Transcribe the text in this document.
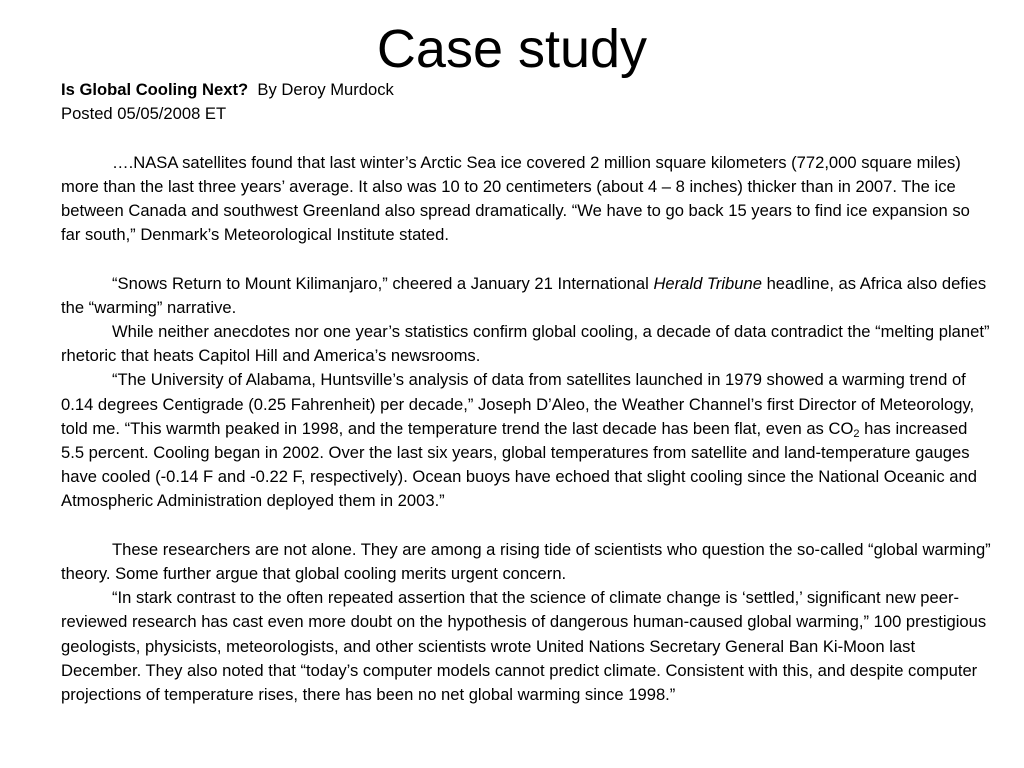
Case study

Is Global Cooling Next?  By Deroy Murdock

Posted 05/05/2008 ET

….NASA satellites found that last winter’s Arctic Sea ice covered 2 million square kilometers (772,000 square miles) more than the last three years’ average. It also was 10 to 20 centimeters (about 4 – 8 inches) thicker than in 2007. The ice between Canada and southwest Greenland also spread dramatically. “We have to go back 15 years to find ice expansion so far south,” Denmark’s Meteorological Institute stated.

“Snows Return to Mount Kilimanjaro,” cheered a January 21 International Herald Tribune headline, as Africa also defies the “warming” narrative.

While neither anecdotes nor one year’s statistics confirm global cooling, a decade of data contradict the “melting planet” rhetoric that heats Capitol Hill and America’s newsrooms.

“The University of Alabama, Huntsville’s analysis of data from satellites launched in 1979 showed a warming trend of 0.14 degrees Centigrade (0.25 Fahrenheit) per decade,” Joseph D’Aleo, the Weather Channel’s first Director of Meteorology, told me. “This warmth peaked in 1998, and the temperature trend the last decade has been flat, even as $CO_2$ has increased 5.5 percent. Cooling began in 2002. Over the last six years, global temperatures from satellite and land-temperature gauges have cooled (-0.14 F and -0.22 F, respectively). Ocean buoys have echoed that slight cooling since the National Oceanic and Atmospheric Administration deployed them in 2003.”

These researchers are not alone. They are among a rising tide of scientists who question the so-called “global warming” theory. Some further argue that global cooling merits urgent concern.

“In stark contrast to the often repeated assertion that the science of climate change is ‘settled,’ significant new peer-reviewed research has cast even more doubt on the hypothesis of dangerous human-caused global warming,” 100 prestigious geologists, physicists, meteorologists, and other scientists wrote United Nations Secretary General Ban Ki-Moon last December. They also noted that “today’s computer models cannot predict climate. Consistent with this, and despite computer projections of temperature rises, there has been no net global warming since 1998.”
